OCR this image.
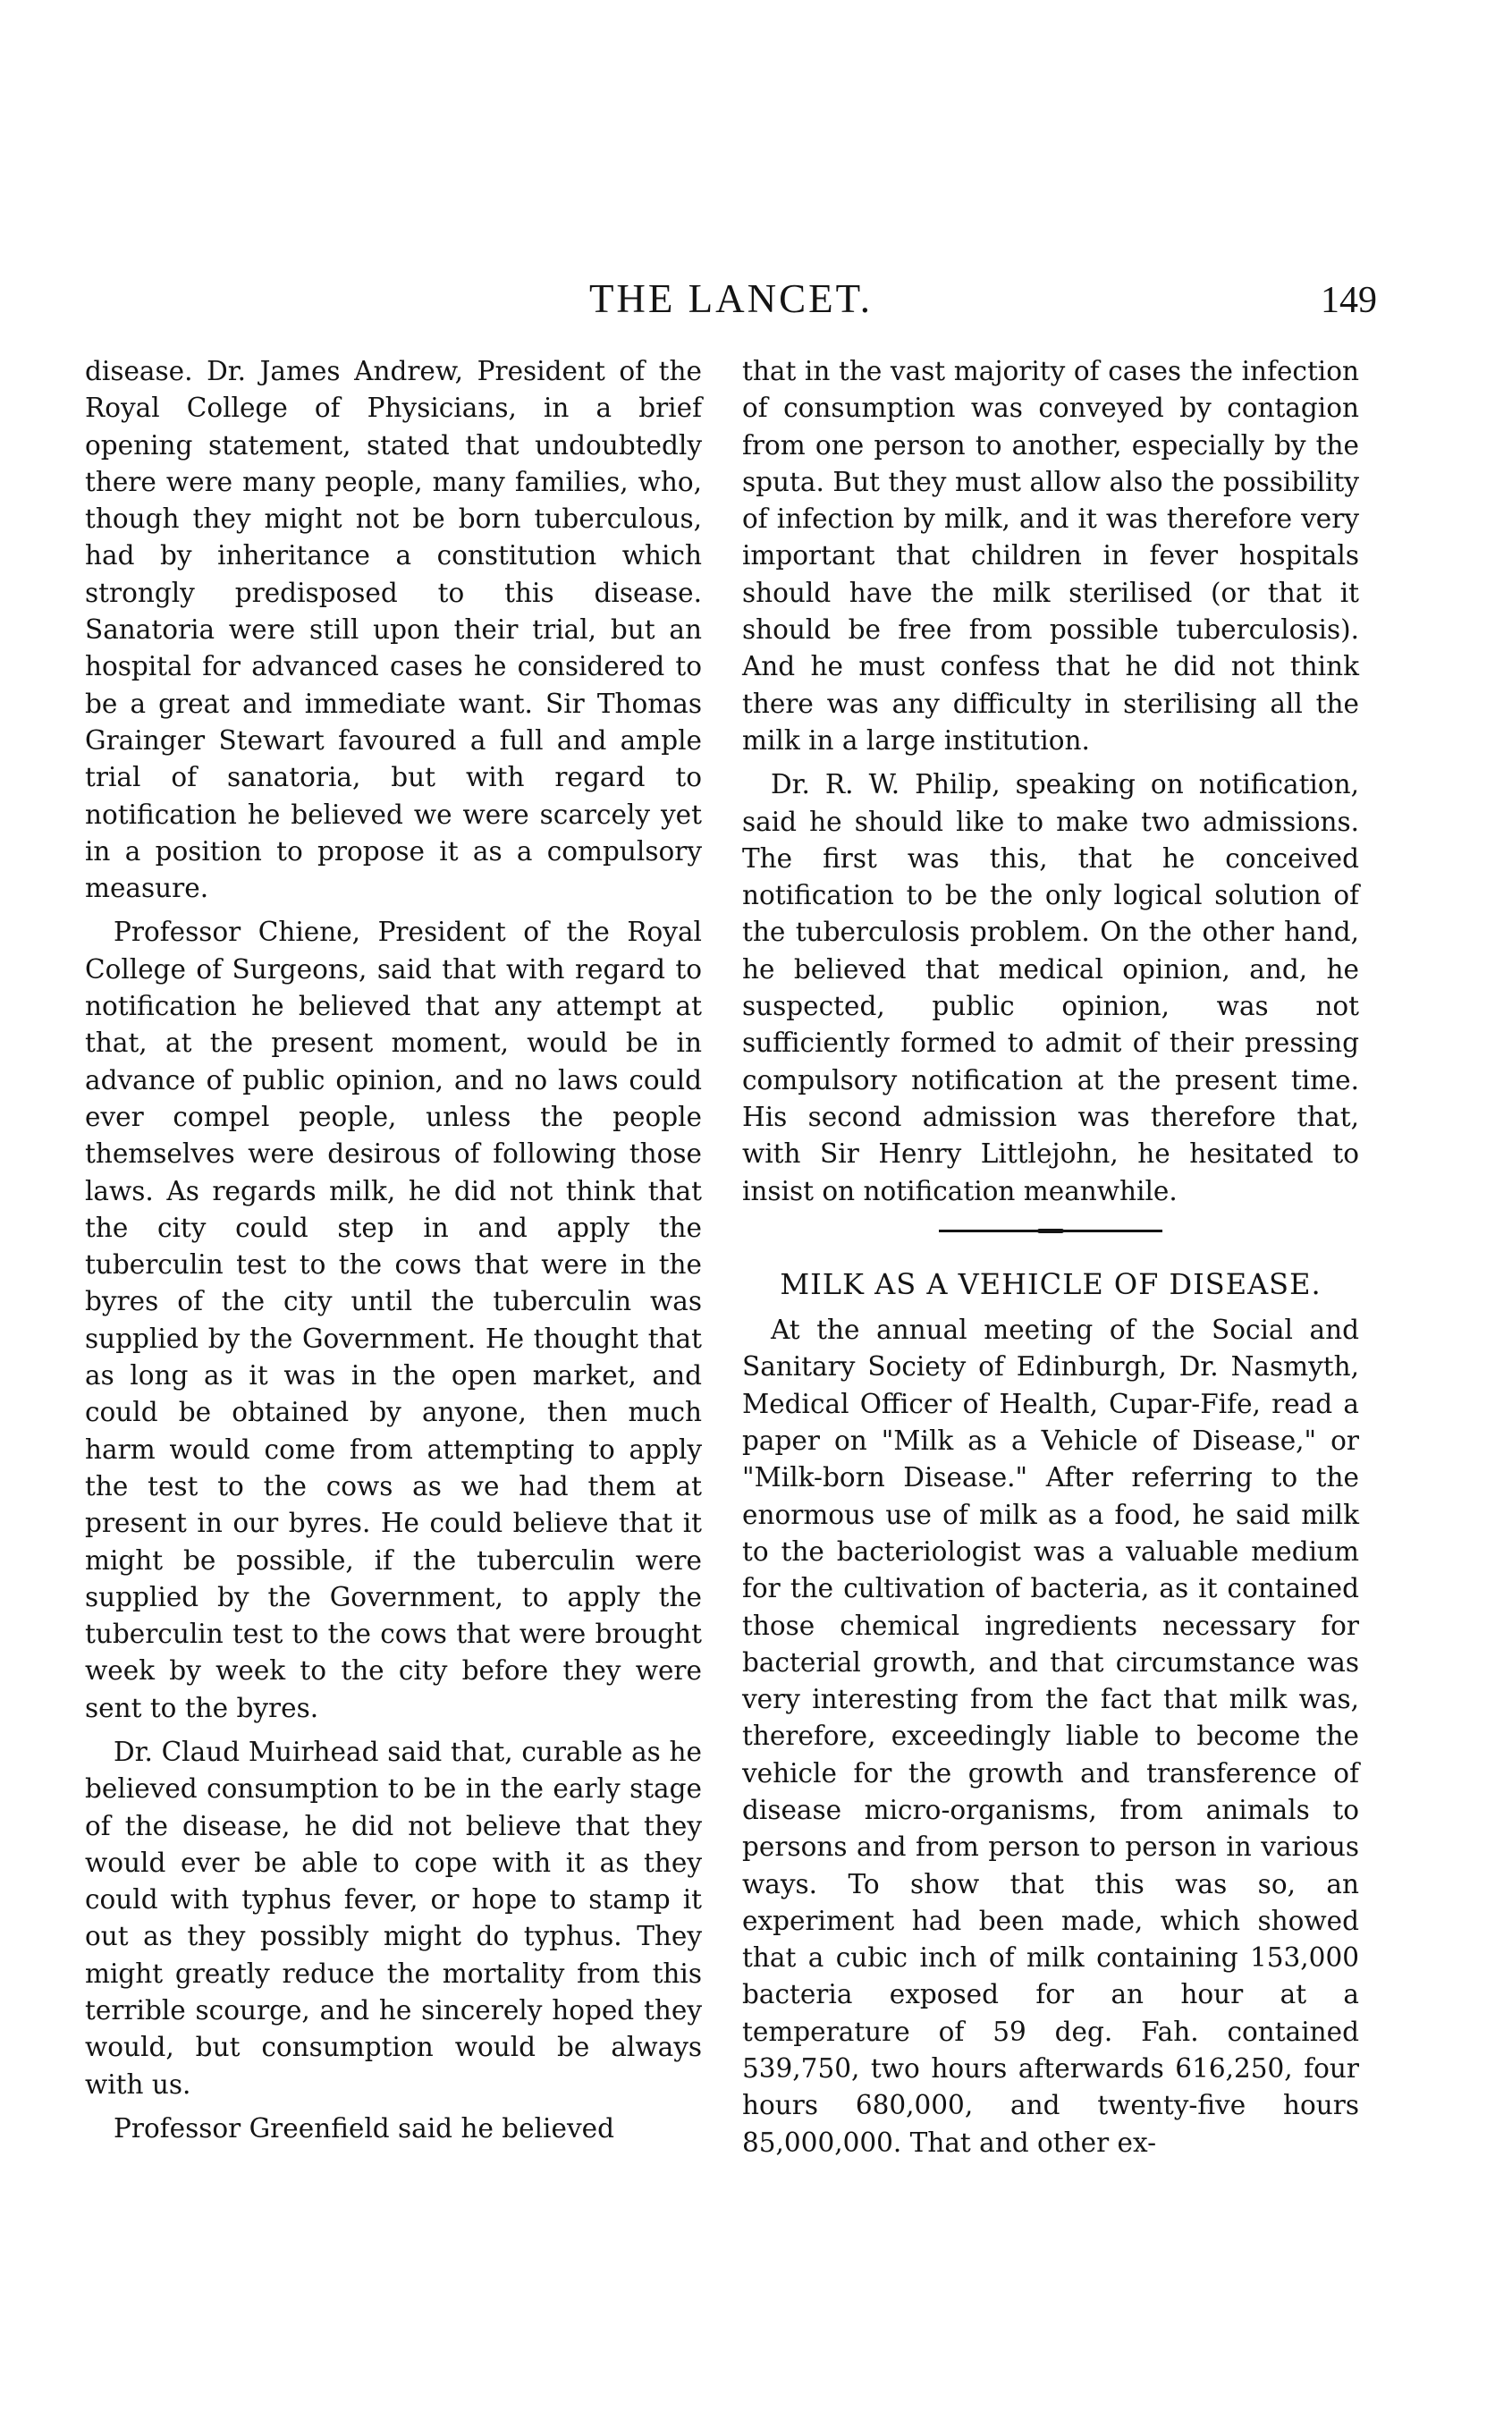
THE LANCET.	149

disease. Dr. James Andrew, President of the Royal College of Physicians, in a brief opening statement, stated that undoubtedly there were many people, many families, who, though they might not be born tuberculous, had by inheritance a constitution which strongly predisposed to this disease. Sanatoria were still upon their trial, but an hospital for advanced cases he considered to be a great and immediate want. Sir Thomas Grainger Stewart favoured a full and ample trial of sanatoria, but with regard to notification he believed we were scarcely yet in a position to propose it as a compulsory measure.

Professor Chiene, President of the Royal College of Surgeons, said that with regard to notification he believed that any attempt at that, at the present moment, would be in advance of public opinion, and no laws could ever compel people, unless the people themselves were desirous of following those laws. As regards milk, he did not think that the city could step in and apply the tuberculin test to the cows that were in the byres of the city until the tuberculin was supplied by the Government. He thought that as long as it was in the open market, and could be obtained by anyone, then much harm would come from attempting to apply the test to the cows as we had them at present in our byres. He could believe that it might be possible, if the tuberculin were supplied by the Government, to apply the tuberculin test to the cows that were brought week by week to the city before they were sent to the byres.

Dr. Claud Muirhead said that, curable as he believed consumption to be in the early stage of the disease, he did not believe that they would ever be able to cope with it as they could with typhus fever, or hope to stamp it out as they possibly might do typhus. They might greatly reduce the mortality from this terrible scourge, and he sincerely hoped they would, but consumption would be always with us.

Professor Greenfield said he believed

that in the vast majority of cases the infection of consumption was conveyed by contagion from one person to another, especially by the sputa. But they must allow also the possibility of infection by milk, and it was therefore very important that children in fever hospitals should have the milk sterilised (or that it should be free from possible tuberculosis). And he must confess that he did not think there was any difficulty in sterilising all the milk in a large institution.

Dr. R. W. Philip, speaking on notification, said he should like to make two admissions. The first was this, that he conceived notification to be the only logical solution of the tuberculosis problem. On the other hand, he believed that medical opinion, and, he suspected, public opinion, was not sufficiently formed to admit of their pressing compulsory notification at the present time. His second admission was therefore that, with Sir Henry Littlejohn, he hesitated to insist on notification meanwhile.

MILK AS A VEHICLE OF DISEASE.

At the annual meeting of the Social and Sanitary Society of Edinburgh, Dr. Nasmyth, Medical Officer of Health, Cupar-Fife, read a paper on "Milk as a Vehicle of Disease," or "Milk-born Disease." After referring to the enormous use of milk as a food, he said milk to the bacteriologist was a valuable medium for the cultivation of bacteria, as it contained those chemical ingredients necessary for bacterial growth, and that circumstance was very interesting from the fact that milk was, therefore, exceedingly liable to become the vehicle for the growth and transference of disease micro-organisms, from animals to persons and from person to person in various ways. To show that this was so, an experiment had been made, which showed that a cubic inch of milk containing 153,000 bacteria exposed for an hour at a temperature of 59 deg. Fah. contained 539,750, two hours afterwards 616,250, four hours 680,000, and twenty-five hours 85,000,000. That and other ex-
